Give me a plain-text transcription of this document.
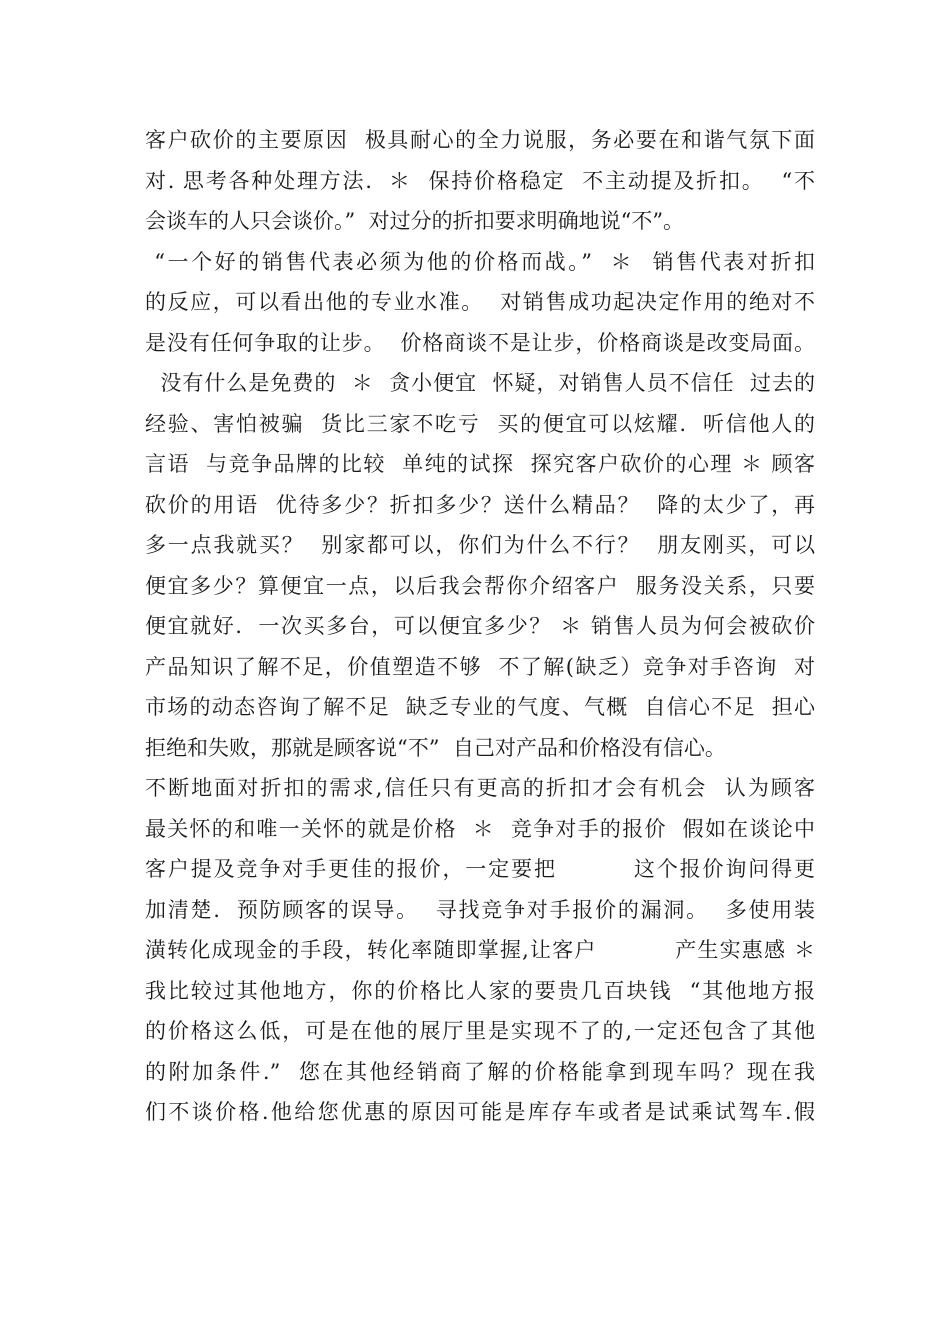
客户砍价的主要原因  极具耐心的全力说服，务必要在和谐气氛下面
对. 思考各种处理方法.  ＊  保持价格稳定  不主动提及折扣。  “不
会谈车的人只会谈价。”  对过分的折扣要求明确地说“不”。
“一个好的销售代表必须为他的价格而战。”  ＊  销售代表对折扣
的反应，可以看出他的专业水准。  对销售成功起决定作用的绝对不
是没有任何争取的让步。  价格商谈不是让步，价格商谈是改变局面。
没有什么是免费的  ＊  贪小便宜  怀疑，对销售人员不信任  过去的
经验、害怕被骗  货比三家不吃亏  买的便宜可以炫耀.  听信他人的
言语  与竞争品牌的比较  单纯的试探  探究客户砍价的心理 ＊ 顾客
砍价的用语  优待多少？折扣多少？送什么精品？  降的太少了，再
多一点我就买？  别家都可以，你们为什么不行？  朋友刚买，可以
便宜多少？算便宜一点，以后我会帮你介绍客户  服务没关系，只要
便宜就好.  一次买多台，可以便宜多少？ ＊ 销售人员为何会被砍价
产品知识了解不足，价值塑造不够  不了解(缺乏）竞争对手咨询  对
市场的动态咨询了解不足  缺乏专业的气度、气概  自信心不足  担心
拒绝和失败，那就是顾客说“不”  自己对产品和价格没有信心。
不断地面对折扣的需求,信任只有更高的折扣才会有机会  认为顾客
最关怀的和唯一关怀的就是价格  ＊  竞争对手的报价  假如在谈论中
客户提及竞争对手更佳的报价，一定要把         这个报价询问得更
加清楚.  预防顾客的误导。  寻找竞争对手报价的漏洞。  多使用装
潢转化成现金的手段，转化率随即掌握,让客户          产生实惠感 ＊
我比较过其他地方，你的价格比人家的要贵几百块钱  “其他地方报
的价格这么低，可是在他的展厅里是实现不了的,一定还包含了其他
的附加条件.”  您在其他经销商了解的价格能拿到现车吗？现在我
们不谈价格.他给您优惠的原因可能是库存车或者是试乘试驾车.假
